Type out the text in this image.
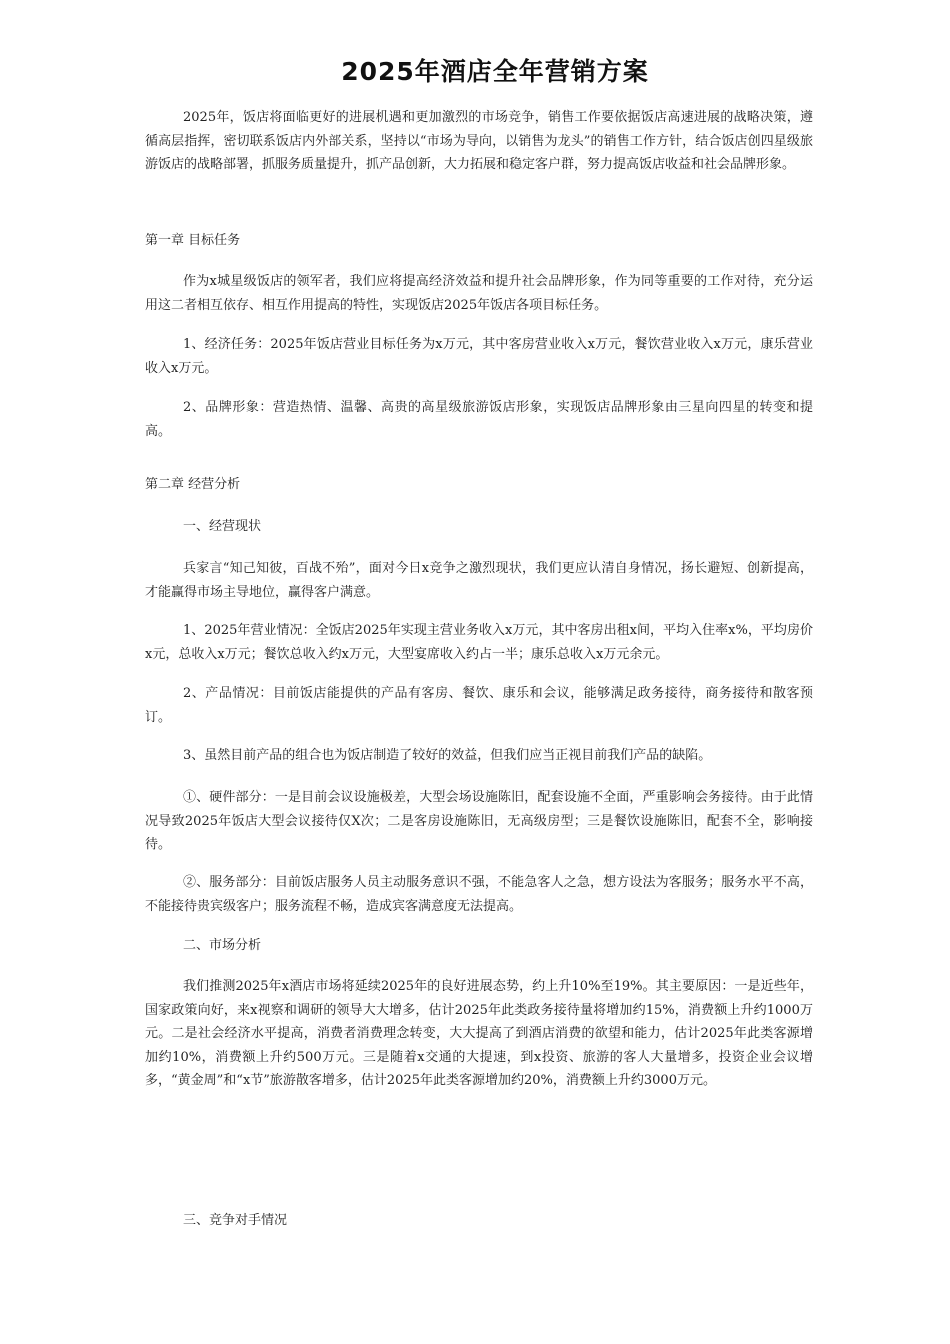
2025年酒店全年营销方案

2025年，饭店将面临更好的进展机遇和更加激烈的市场竞争，销售工作要依据饭店高速进展的战略决策，遵循高层指挥，密切联系饭店内外部关系，坚持以“市场为导向，以销售为龙头”的销售工作方针，结合饭店创四星级旅游饭店的战略部署，抓服务质量提升，抓产品创新，大力拓展和稳定客户群，努力提高饭店收益和社会品牌形象。

第一章 目标任务

作为x城星级饭店的领军者，我们应将提高经济效益和提升社会品牌形象，作为同等重要的工作对待，充分运用这二者相互依存、相互作用提高的特性，实现饭店2025年饭店各项目标任务。

1、经济任务：2025年饭店营业目标任务为x万元，其中客房营业收入x万元，餐饮营业收入x万元，康乐营业收入x万元。

2、品牌形象：营造热情、温馨、高贵的高星级旅游饭店形象，实现饭店品牌形象由三星向四星的转变和提高。

第二章 经营分析

一、经营现状

兵家言“知己知彼，百战不殆”，面对今日x竞争之激烈现状，我们更应认清自身情况，扬长避短、创新提高，才能赢得市场主导地位，赢得客户满意。

1、2025年营业情况：全饭店2025年实现主营业务收入x万元，其中客房出租x间，平均入住率x%，平均房价x元，总收入x万元；餐饮总收入约x万元，大型宴席收入约占一半；康乐总收入x万元余元。

2、产品情况：目前饭店能提供的产品有客房、餐饮、康乐和会议，能够满足政务接待，商务接待和散客预订。

3、虽然目前产品的组合也为饭店制造了较好的效益，但我们应当正视目前我们产品的缺陷。

①、硬件部分：一是目前会议设施极差，大型会场设施陈旧，配套设施不全面，严重影响会务接待。由于此情况导致2025年饭店大型会议接待仅X次；二是客房设施陈旧，无高级房型；三是餐饮设施陈旧，配套不全，影响接待。

②、服务部分：目前饭店服务人员主动服务意识不强，不能急客人之急，想方设法为客服务；服务水平不高，不能接待贵宾级客户；服务流程不畅，造成宾客满意度无法提高。

二、市场分析

我们推测2025年x酒店市场将延续2025年的良好进展态势，约上升10%至19%。其主要原因：一是近些年，国家政策向好，来x视察和调研的领导大大增多，估计2025年此类政务接待量将增加约15%，消费额上升约1000万元。二是社会经济水平提高，消费者消费理念转变，大大提高了到酒店消费的欲望和能力，估计2025年此类客源增加约10%，消费额上升约500万元。三是随着x交通的大提速，到x投资、旅游的客人大量增多，投资企业会议增多，“黄金周”和“x节”旅游散客增多，估计2025年此类客源增加约20%，消费额上升约3000万元。

三、竞争对手情况
